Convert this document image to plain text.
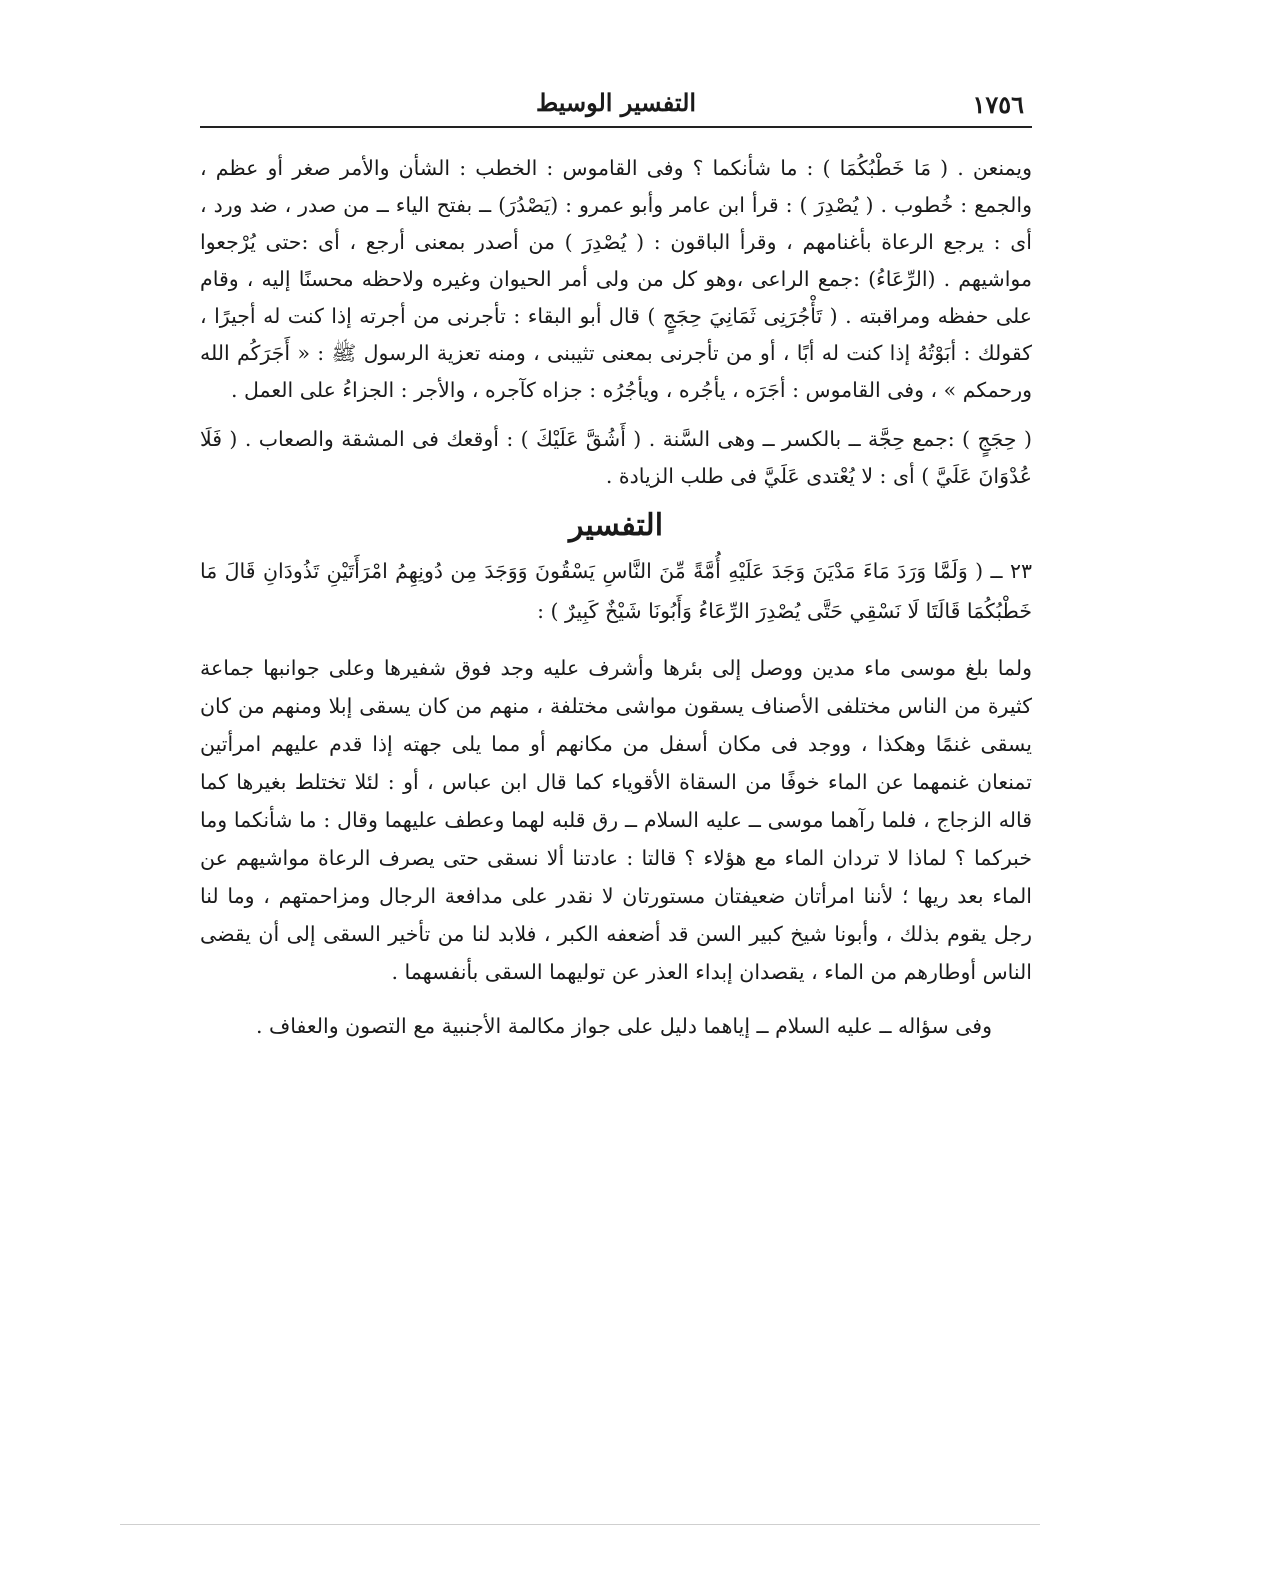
١٧٥٦
التفسير الوسيط

ويمنعن . ( مَا خَطْبُكُمَا ) : ما شأنكما ؟ وفى القاموس : الخطب : الشأن والأمر صغر أو عظم ، والجمع : خُطوب . ( يُصْدِرَ ) : قرأ ابن عامر وأبو عمرو : (يَصْدُرَ) ــ بفتح الياء ــ من صدر ، ضد ورد ، أى : يرجع الرعاة بأغنامهم ، وقرأ الباقون : ( يُصْدِرَ ) من أصدر بمعنى أرجع ، أى :حتى يُرْجعوا مواشيهم . (الرِّعَاءُ) :جمع الراعى ،وهو كل من ولى أمر الحيوان وغيره ولاحظه محسنًا إليه ، وقام على حفظه ومراقبته . ( تَأْجُرَنِى ثَمَانِيَ حِجَجٍ ) قال أبو البقاء : تأجرنى من أجرته إذا كنت له أجيرًا ، كقولك : أبَوْتُهُ إذا كنت له أبًا ، أو من تأجرنى بمعنى تثيبنى ، ومنه تعزية الرسول ﷺ : « أَجَرَكُم الله ورحمكم » ، وفى القاموس : أجَرَه ، يأجُره ، ويأجُرُه : جزاه كآجره ، والأجر : الجزاءُ على العمل .

( حِجَجٍ ) :جمع حِجَّة ــ بالكسر ــ وهى السَّنة . ( أَشُقَّ عَلَيْكَ ) : أوقعك فى المشقة والصعاب . ( فَلَا عُدْوَانَ عَلَيَّ ) أى : لا يُعْتدى عَلَيَّ فى طلب الزيادة .

التفسير

٢٣ ــ ( وَلَمَّا وَرَدَ مَاءَ مَدْيَنَ وَجَدَ عَلَيْهِ أُمَّةً مِّنَ النَّاسِ يَسْقُونَ وَوَجَدَ مِن دُونِهِمُ امْرَأَتَيْنِ تَذُودَانِ قَالَ مَا خَطْبُكُمَا قَالَتَا لَا نَسْقِي حَتَّى يُصْدِرَ الرِّعَاءُ وَأَبُونَا شَيْخٌ كَبِيرٌ ) :

ولما بلغ موسى ماء مدين ووصل إلى بئرها وأشرف عليه وجد فوق شفيرها وعلى جوانبها جماعة كثيرة من الناس مختلفى الأصناف يسقون مواشى مختلفة ، منهم من كان يسقى إبلا ومنهم من كان يسقى غنمًا وهكذا ، ووجد فى مكان أسفل من مكانهم أو مما يلى جهته إذا قدم عليهم امرأتين تمنعان غنمهما عن الماء خوفًا من السقاة الأقوياء كما قال ابن عباس ، أو : لئلا تختلط بغيرها كما قاله الزجاج ، فلما رآهما موسى ــ عليه السلام ــ رق قلبه لهما وعطف عليهما وقال : ما شأنكما وما خبركما ؟ لماذا لا تردان الماء مع هؤلاء ؟ قالتا : عادتنا ألا نسقى حتى يصرف الرعاة مواشيهم عن الماء بعد ريها ؛ لأننا امرأتان ضعيفتان مستورتان لا نقدر على مدافعة الرجال ومزاحمتهم ، وما لنا رجل يقوم بذلك ، وأبونا شيخ كبير السن قد أضعفه الكبر ، فلابد لنا من تأخير السقى إلى أن يقضى الناس أوطارهم من الماء ، يقصدان إبداء العذر عن توليهما السقى بأنفسهما .

وفى سؤاله ــ عليه السلام ــ إياهما دليل على جواز مكالمة الأجنبية مع التصون والعفاف .
